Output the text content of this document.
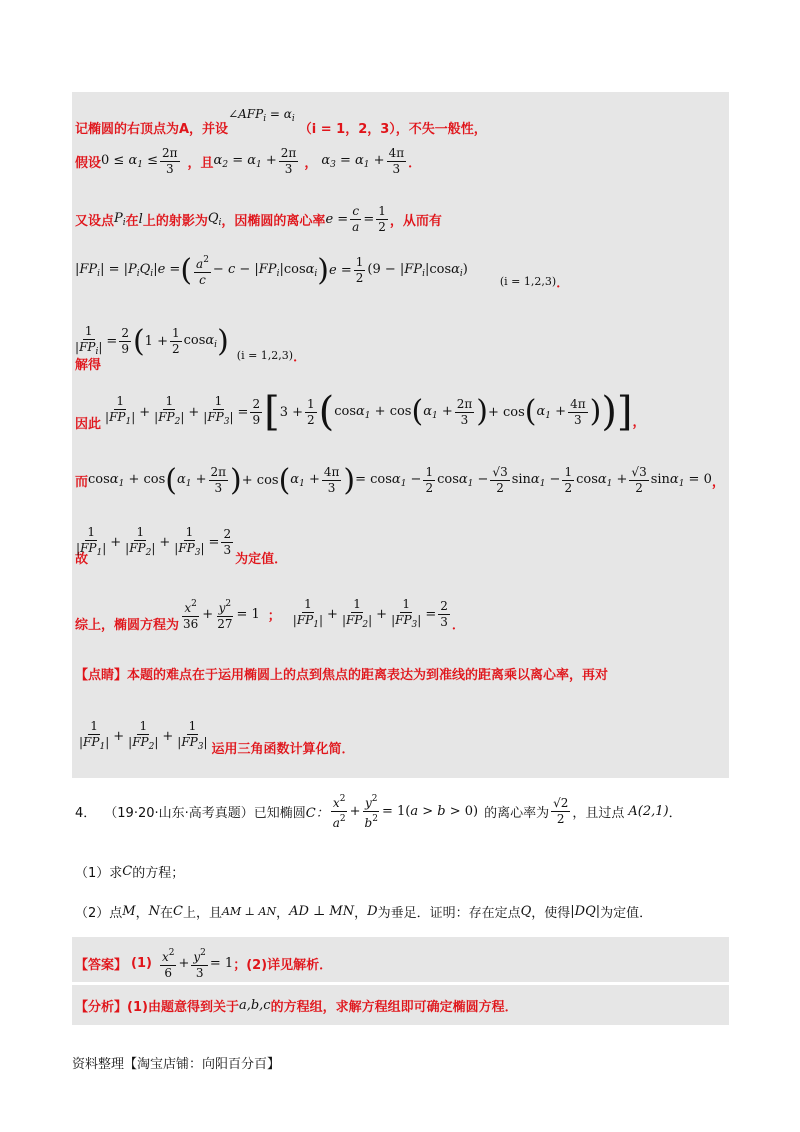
记椭圆的右顶点为A，并设
$\angle AFP_i = \alpha_i$
（i = 1，2，3），不失一般性，
假设 $0 \le \alpha_1 \le \frac{2\pi}{3}$ ，且 $\alpha_2 = \alpha_1 + \frac{2\pi}{3}$ ， $\alpha_3 = \alpha_1 + \frac{4\pi}{3}$ ．
又设点 $P_i$ 在 l 上的射影为 $Q_i$ ，因椭圆的离心率 $e = \frac{c}{a} = \frac{1}{2}$ ，从而有
$|FP_i| = |P_iQ_i|e$ = ( $\frac{a^2}{c} - c - |FP_i|\cos\alpha_i$ ) $e = \frac{1}{2} (9 - |FP_i|\cos\alpha_i)$
(i = 1,2,3) ．
解得
$\frac{1}{|FP_i|} = \frac{2}{9}$ ( $1 + \frac{1}{2} \cos\alpha_i$ ) (i = 1,2,3) ．
因此 $\frac{1}{|FP_1|} + \frac{1}{|FP_2|} + \frac{1}{|FP_3|} = \frac{2}{9}$ [ $3 + \frac{1}{2}$ ( cosα$_1$ + cos ( $\alpha_1 + \frac{2\pi}{3}$ ) + cos ( $\alpha_1 + \frac{4\pi}{3}$ ) ) ] ，
而 cosα$_1$ + cos ( $\alpha_1 + \frac{2\pi}{3}$ ) + cos ( $\alpha_1 + \frac{4\pi}{3}$ ) = $\cos\alpha_1 - \frac{1}{2} \cos\alpha_1 - \frac{√3}{2} \sin\alpha_1 - \frac{1}{2} \cos\alpha_1 + \frac{√3}{2} \sin\alpha_1 = 0$ ，
故
$\frac{1}{|FP_1|} + \frac{1}{|FP_2|} + \frac{1}{|FP_3|} = \frac{2}{3}$
为定值．
综上，椭圆方程为 $\frac{x^2}{36} + \frac{y^2}{27} = 1$ ； $\frac{1}{|FP_1|} + \frac{1}{|FP_2|} + \frac{1}{|FP_3|} = \frac{2}{3}$ ．
【点睛】 本题的难点在于运用椭圆上的点到焦点的距离表达为到准线的距离乘以离心率，再对
$\frac{1}{|FP_1|} + \frac{1}{|FP_2|} + \frac{1}{|FP_3|}$ 运用三角函数计算化简．
4． （19·20·山东·高考真题）已知椭圆 C： $\frac{x^2}{a^2} + \frac{y^2}{b^2} = 1(a > b > 0)$ 的离心率为 $\frac{√2}{2}$ ，且过点 A(2,1) ．
（1）求 C 的方程；
（2）点 M ， N 在 C 上，且 AM ⊥ AN ， AD ⊥ MN ， D 为垂足．证明：存在定点 Q ，使得 |DQ| 为定值．
【答案】 $(1) \frac{x^2}{6} + \frac{y^2}{3} = 1$ ；(2)详见解析．
【分析】 (1)由题意得到关于 a,b,c 的方程组，求解方程组即可确定椭圆方程．
资料整理【淘宝店铺：向阳百分百】
